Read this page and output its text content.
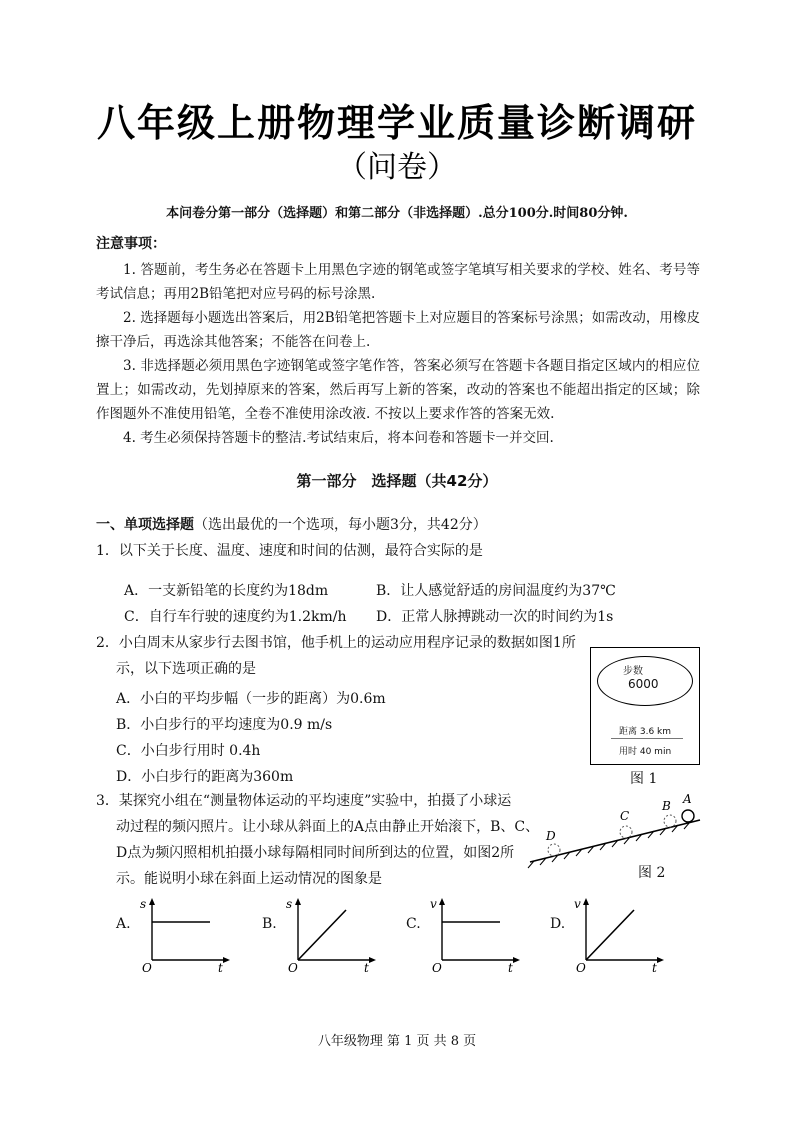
八年级上册物理学业质量诊断调研
（问卷）
本问卷分第一部分（选择题）和第二部分（非选择题）.总分100分.时间80分钟.
注意事项：

1. 答题前，考生务必在答题卡上用黑色字迹的钢笔或签字笔填写相关要求的学校、姓名、考号等考试信息；再用2B铅笔把对应号码的标号涂黑.

2. 选择题每小题选出答案后，用2B铅笔把答题卡上对应题目的答案标号涂黑；如需改动，用橡皮擦干净后，再选涂其他答案；不能答在问卷上.

3. 非选择题必须用黑色字迹钢笔或签字笔作答，答案必须写在答题卡各题目指定区域内的相应位置上；如需改动，先划掉原来的答案，然后再写上新的答案，改动的答案也不能超出指定的区域；除作图题外不准使用铅笔，全卷不准使用涂改液. 不按以上要求作答的答案无效.

4. 考生必须保持答题卡的整洁.考试结束后，将本问卷和答题卡一并交回.

第一部分　选择题（共42分）
一、单项选择题（选出最优的一个选项，每小题3分，共42分）
1．以下关于长度、温度、速度和时间的估测，最符合实际的是
A．一支新铅笔的长度约为18dm	B．让人感觉舒适的房间温度约为37℃
C．自行车行驶的速度约为1.2km/h D．正常人脉搏跳动一次的时间约为1s
2．小白周末从家步行去图书馆，他手机上的运动应用程序记录的数据如图1所
示，以下选项正确的是
A．小白的平均步幅（一步的距离）为0.6m
B．小白步行的平均速度为0.9 m/s
C．小白步行用时 0.4h
D．小白步行的距离为360m
步数
6000
距离 3.6 km
用时 40 min
图 1
3．某探究小组在“测量物体运动的平均速度”实验中，拍摄了小球运
动过程的频闪照片。让小球从斜面上的A点由静止开始滚下，B、C、
D点为频闪照相机拍摄小球每隔相同时间所到达的位置，如图2所
示。能说明小球在斜面上运动情况的图象是
A
B
C
D
图 2
A.
s
O	t
B.
s
O	t
C.
v
O	t
D.
v
O	t
八年级物理 第 1 页 共 8 页
